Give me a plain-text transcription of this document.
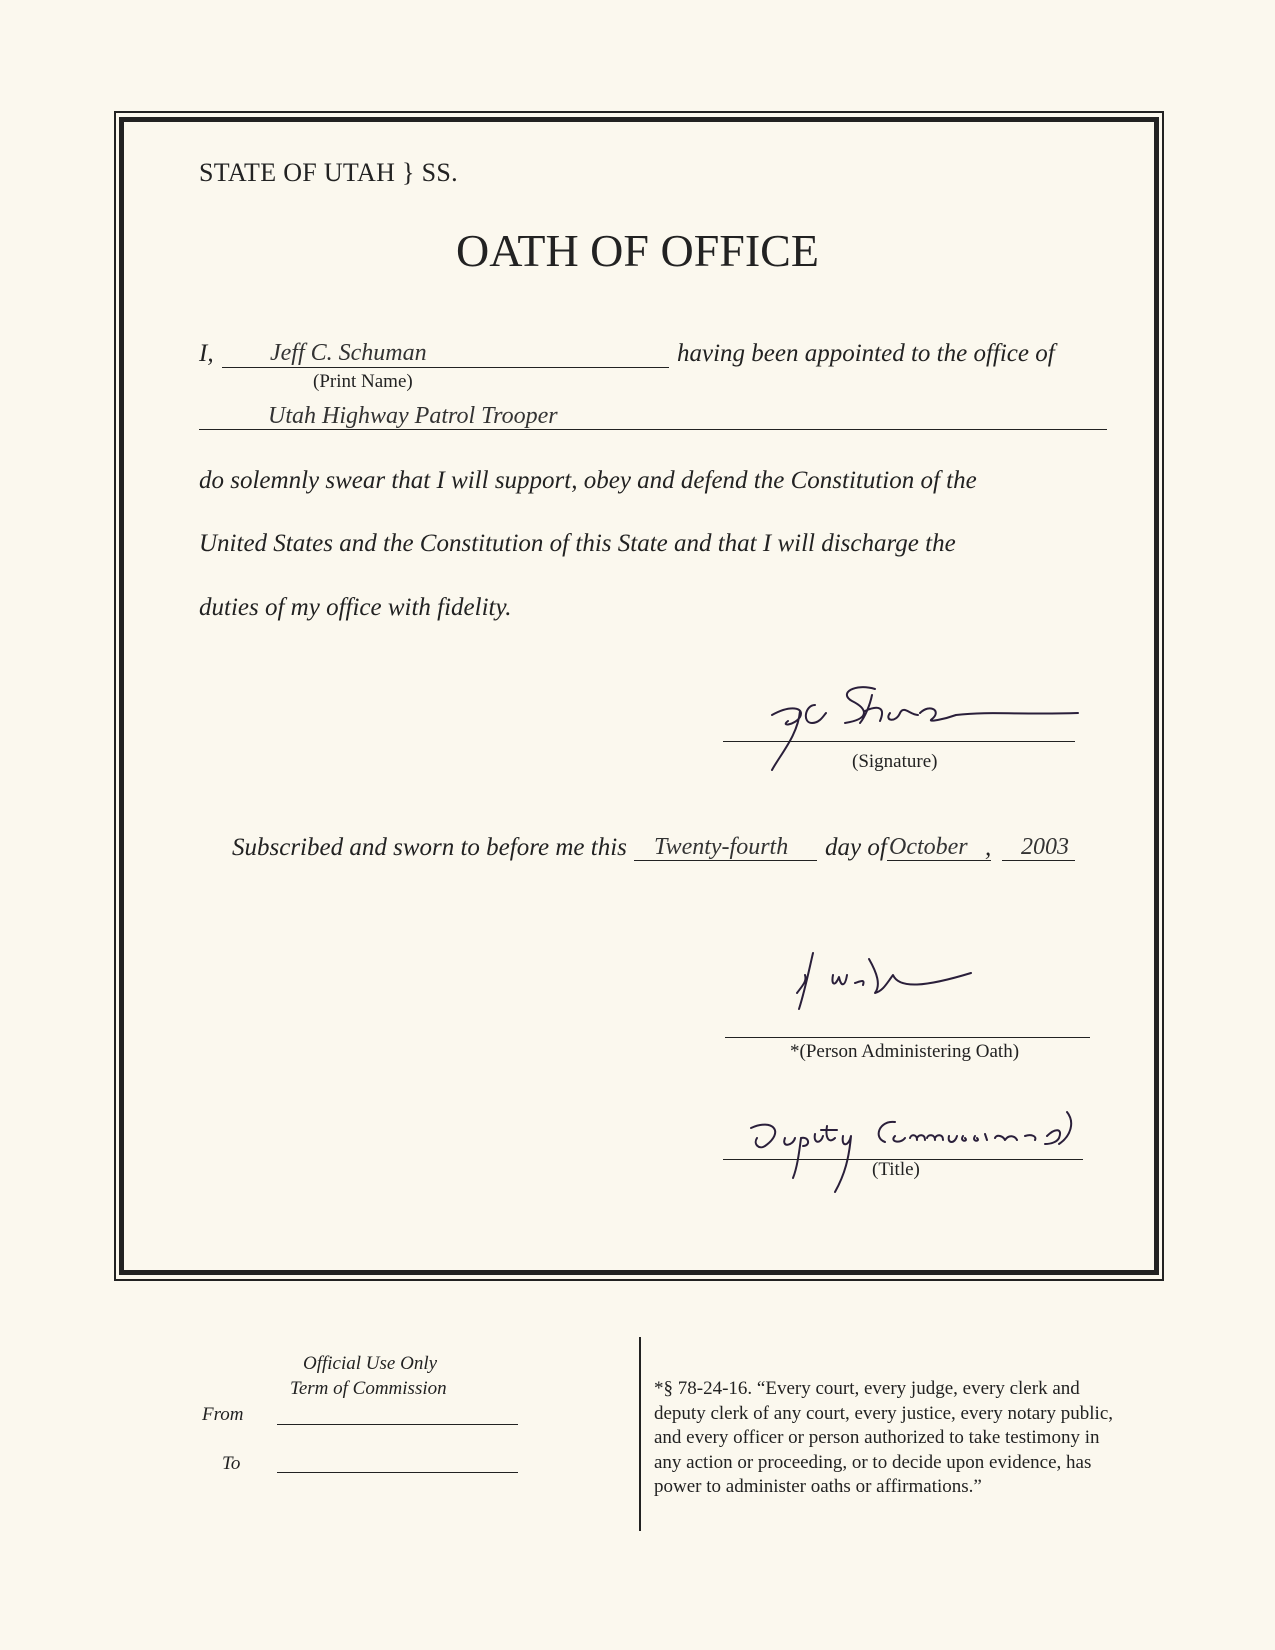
STATE OF UTAH } SS.
OATH OF OFFICE
I, Jeff C. Schuman
(Print Name)
having been appointed to the office of
Utah Highway Patrol Trooper
do solemnly swear that I will support, obey and defend the Constitution of the
United States and the Constitution of this State and that I will discharge the
duties of my office with fidelity.
(Signature)
Subscribed and sworn to before me this Twenty-fourth day of October , 2003
*(Person Administering Oath)
(Title)
Official Use Only
Term of Commission
From
To
*§ 78-24-16. “Every court, every judge, every clerk and deputy clerk of any court, every justice, every notary public, and every officer or person authorized to take testimony in any action or proceeding, or to decide upon evidence, has power to administer oaths or affirmations.”
